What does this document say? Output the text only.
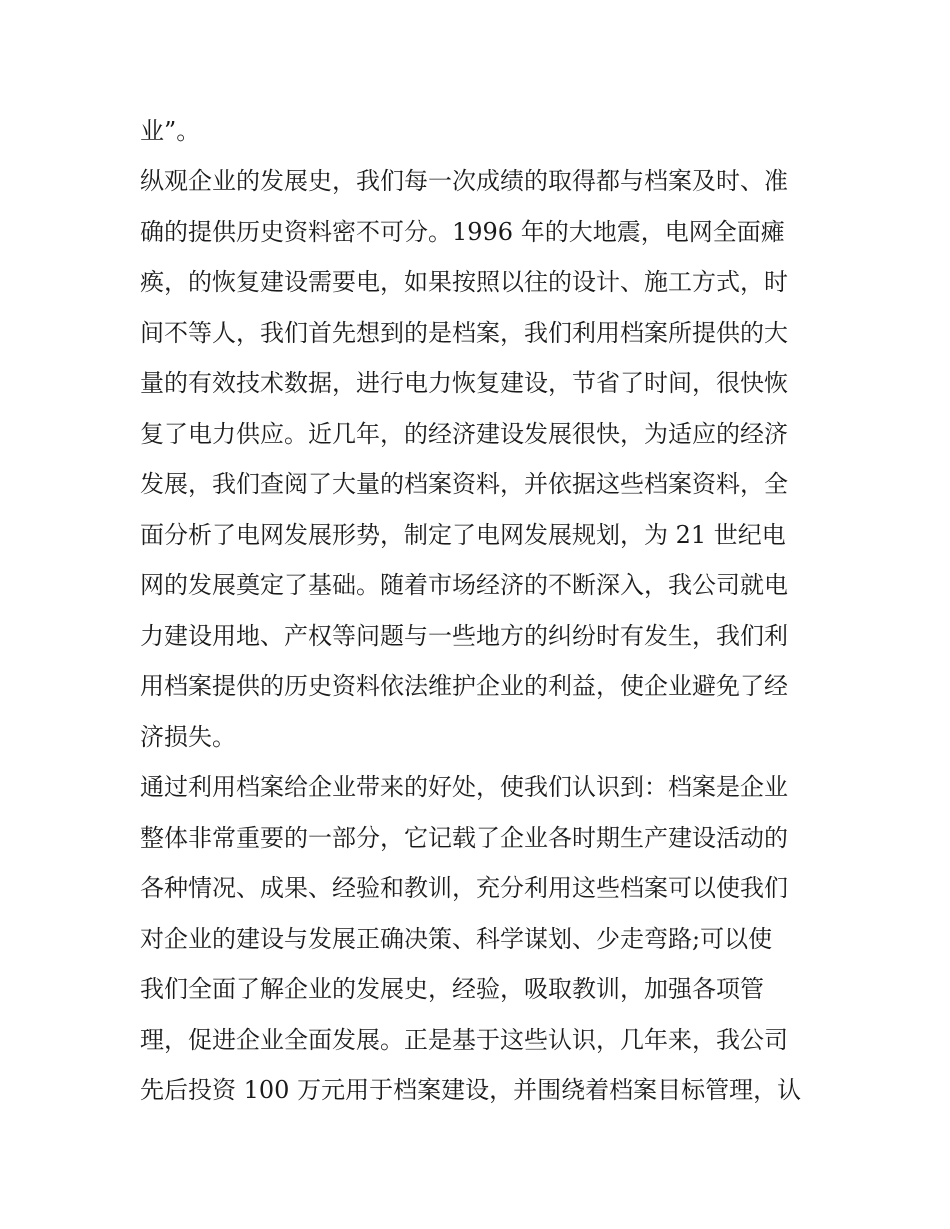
业”。
纵观企业的发展史，我们每一次成绩的取得都与档案及时、准
确的提供历史资料密不可分。1996 年的大地震，电网全面瘫
痪，的恢复建设需要电，如果按照以往的设计、施工方式，时
间不等人，我们首先想到的是档案，我们利用档案所提供的大
量的有效技术数据，进行电力恢复建设，节省了时间，很快恢
复了电力供应。近几年，的经济建设发展很快，为适应的经济
发展，我们查阅了大量的档案资料，并依据这些档案资料，全
面分析了电网发展形势，制定了电网发展规划，为 21 世纪电
网的发展奠定了基础。随着市场经济的不断深入，我公司就电
力建设用地、产权等问题与一些地方的纠纷时有发生，我们利
用档案提供的历史资料依法维护企业的利益，使企业避免了经
济损失。
通过利用档案给企业带来的好处，使我们认识到：档案是企业
整体非常重要的一部分，它记载了企业各时期生产建设活动的
各种情况、成果、经验和教训，充分利用这些档案可以使我们
对企业的建设与发展正确决策、科学谋划、少走弯路;可以使
我们全面了解企业的发展史，经验，吸取教训，加强各项管
理，促进企业全面发展。正是基于这些认识，几年来，我公司
先后投资 100 万元用于档案建设，并围绕着档案目标管理，认
